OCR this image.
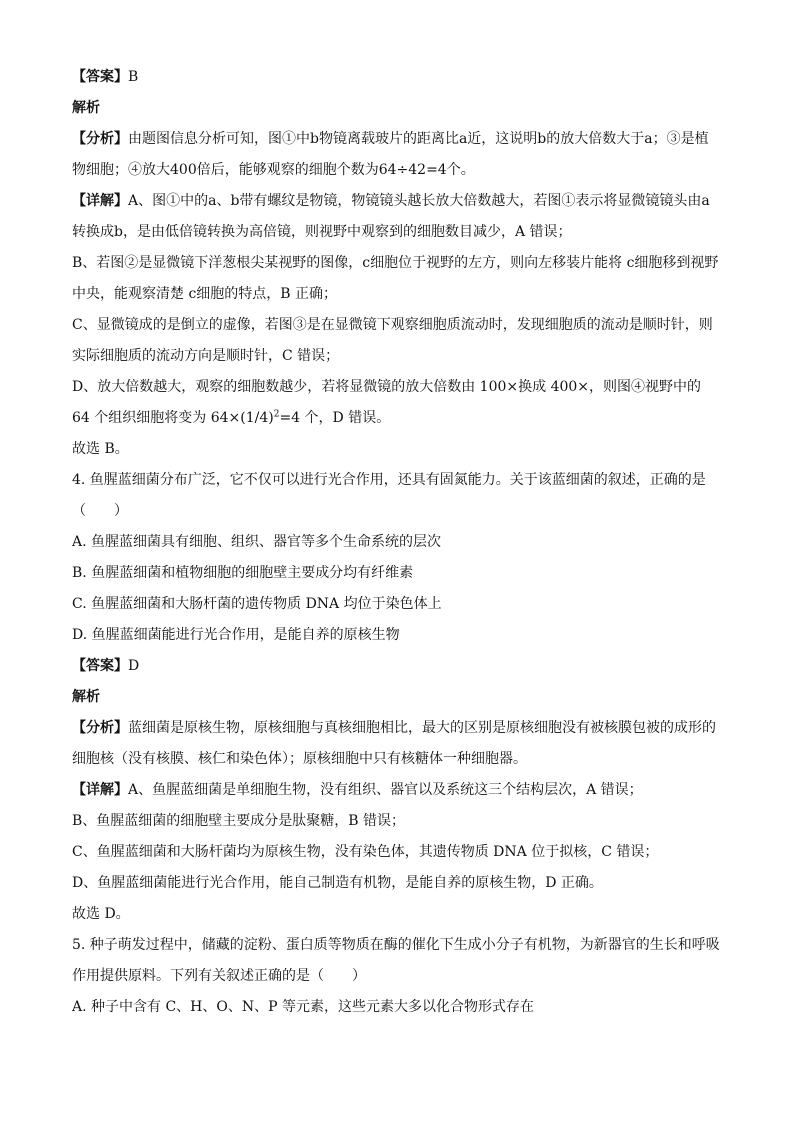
【答案】B
解析
【分析】由题图信息分析可知，图①中b物镜离载玻片的距离比a近，这说明b的放大倍数大于a；③是植物细胞；④放大400倍后，能够观察的细胞个数为64÷42=4个。
【详解】A、图①中的a、b带有螺纹是物镜，物镜镜头越长放大倍数越大，若图①表示将显微镜镜头由a转换成b，是由低倍镜转换为高倍镜，则视野中观察到的细胞数目减少，A 错误；
B、若图②是显微镜下洋葱根尖某视野的图像，c细胞位于视野的左方，则向左移装片能将 c细胞移到视野中央，能观察清楚 c细胞的特点，B 正确；
C、显微镜成的是倒立的虚像，若图③是在显微镜下观察细胞质流动时，发现细胞质的流动是顺时针，则实际细胞质的流动方向是顺时针，C 错误；
D、放大倍数越大，观察的细胞数越少，若将显微镜的放大倍数由 100×换成 400×，则图④视野中的 64 个组织细胞将变为 $64\times(1/4)^2=4$ 个，D 错误。
故选 B。
4. 鱼腥蓝细菌分布广泛，它不仅可以进行光合作用，还具有固氮能力。关于该蓝细菌的叙述，正确的是
（　　）
A. 鱼腥蓝细菌具有细胞、组织、器官等多个生命系统的层次
B. 鱼腥蓝细菌和植物细胞的细胞壁主要成分均有纤维素
C. 鱼腥蓝细菌和大肠杆菌的遗传物质 DNA 均位于染色体上
D. 鱼腥蓝细菌能进行光合作用，是能自养的原核生物
【答案】D
解析
【分析】蓝细菌是原核生物，原核细胞与真核细胞相比，最大的区别是原核细胞没有被核膜包被的成形的细胞核（没有核膜、核仁和染色体）；原核细胞中只有核糖体一种细胞器。
【详解】A、鱼腥蓝细菌是单细胞生物，没有组织、器官以及系统这三个结构层次，A 错误；
B、鱼腥蓝细菌的细胞壁主要成分是肽聚糖，B 错误；
C、鱼腥蓝细菌和大肠杆菌均为原核生物，没有染色体，其遗传物质 DNA 位于拟核，C 错误；
D、鱼腥蓝细菌能进行光合作用，能自己制造有机物，是能自养的原核生物，D 正确。
故选 D。
5. 种子萌发过程中，储藏的淀粉、蛋白质等物质在酶的催化下生成小分子有机物，为新器官的生长和呼吸作用提供原料。下列有关叙述正确的是（　　）
A. 种子中含有 C、H、O、N、P 等元素，这些元素大多以化合物形式存在
